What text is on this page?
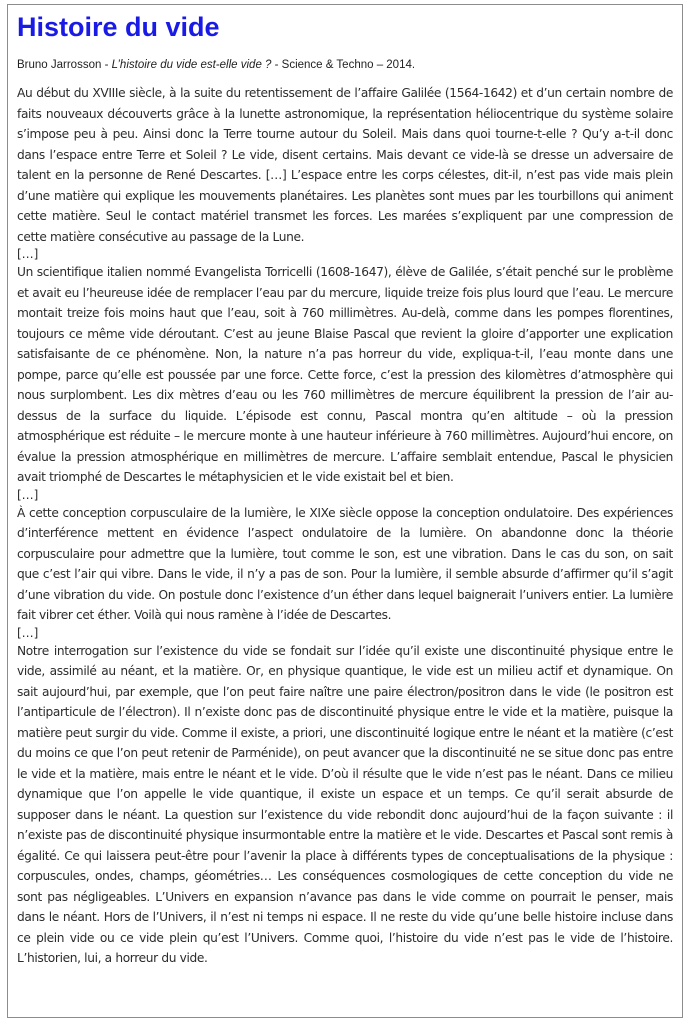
Histoire du vide

Bruno Jarrosson - L’histoire du vide est-elle vide ? - Science & Techno – 2014.

Au début du XVIIIe siècle, à la suite du retentissement de l’affaire Galilée (1564-1642) et d’un certain nombre de faits nouveaux découverts grâce à la lunette astronomique, la représentation héliocentrique du système solaire s’impose peu à peu. Ainsi donc la Terre tourne autour du Soleil. Mais dans quoi tourne-t-elle ? Qu’y a-t-il donc dans l’espace entre Terre et Soleil ? Le vide, disent certains. Mais devant ce vide-là se dresse un adversaire de talent en la personne de René Descartes. […] L’espace entre les corps célestes, dit-il, n’est pas vide mais plein d’une matière qui explique les mouvements planétaires. Les planètes sont mues par les tourbillons qui animent cette matière. Seul le contact matériel transmet les forces. Les marées s’expliquent par une compression de cette matière consécutive au passage de la Lune.

[…]

Un scientifique italien nommé Evangelista Torricelli (1608-1647), élève de Galilée, s’était penché sur le problème et avait eu l’heureuse idée de remplacer l’eau par du mercure, liquide treize fois plus lourd que l’eau. Le mercure montait treize fois moins haut que l’eau, soit à 760 millimètres. Au-delà, comme dans les pompes florentines, toujours ce même vide déroutant. C’est au jeune Blaise Pascal que revient la gloire d’apporter une explication satisfaisante de ce phénomène. Non, la nature n’a pas horreur du vide, expliqua-t-il, l’eau monte dans une pompe, parce qu’elle est poussée par une force. Cette force, c’est la pression des kilomètres d’atmosphère qui nous surplombent. Les dix mètres d’eau ou les 760 millimètres de mercure équilibrent la pression de l’air au-dessus de la surface du liquide. L’épisode est connu, Pascal montra qu’en altitude – où la pression atmosphérique est réduite – le mercure monte à une hauteur inférieure à 760 millimètres. Aujourd’hui encore, on évalue la pression atmosphérique en millimètres de mercure. L’affaire semblait entendue, Pascal le physicien avait triomphé de Descartes le métaphysicien et le vide existait bel et bien.

[…]

À cette conception corpusculaire de la lumière, le XIXe siècle oppose la conception ondulatoire. Des expériences d’interférence mettent en évidence l’aspect ondulatoire de la lumière. On abandonne donc la théorie corpusculaire pour admettre que la lumière, tout comme le son, est une vibration. Dans le cas du son, on sait que c’est l’air qui vibre. Dans le vide, il n’y a pas de son. Pour la lumière, il semble absurde d’affirmer qu’il s’agit d’une vibration du vide. On postule donc l’existence d’un éther dans lequel baignerait l’univers entier. La lumière fait vibrer cet éther. Voilà qui nous ramène à l’idée de Descartes.

[…]

Notre interrogation sur l’existence du vide se fondait sur l’idée qu’il existe une discontinuité physique entre le vide, assimilé au néant, et la matière. Or, en physique quantique, le vide est un milieu actif et dynamique. On sait aujourd’hui, par exemple, que l’on peut faire naître une paire électron/positron dans le vide (le positron est l’antiparticule de l’électron). Il n’existe donc pas de discontinuité physique entre le vide et la matière, puisque la matière peut surgir du vide. Comme il existe, a priori, une discontinuité logique entre le néant et la matière (c’est du moins ce que l’on peut retenir de Parménide), on peut avancer que la discontinuité ne se situe donc pas entre le vide et la matière, mais entre le néant et le vide. D’où il résulte que le vide n’est pas le néant. Dans ce milieu dynamique que l’on appelle le vide quantique, il existe un espace et un temps. Ce qu’il serait absurde de supposer dans le néant. La question sur l’existence du vide rebondit donc aujourd’hui de la façon suivante : il n’existe pas de discontinuité physique insurmontable entre la matière et le vide. Descartes et Pascal sont remis à égalité. Ce qui laissera peut-être pour l’avenir la place à différents types de conceptualisations de la physique : corpuscules, ondes, champs, géométries… Les conséquences cosmologiques de cette conception du vide ne sont pas négligeables. L’Univers en expansion n’avance pas dans le vide comme on pourrait le penser, mais dans le néant. Hors de l’Univers, il n’est ni temps ni espace. Il ne reste du vide qu’une belle histoire incluse dans ce plein vide ou ce vide plein qu’est l’Univers. Comme quoi, l’histoire du vide n’est pas le vide de l’histoire. L’historien, lui, a horreur du vide.
